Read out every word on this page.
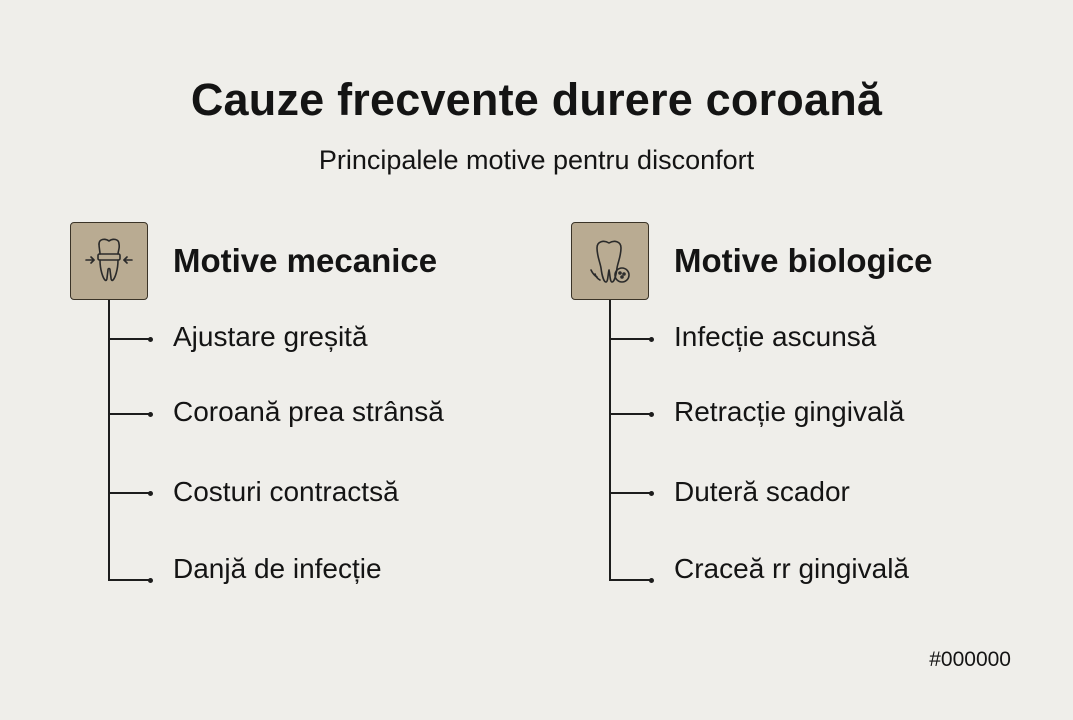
Cauze frecvente durere coroană
Principalele motive pentru disconfort
Motive mecanice
Ajustare greșită
Coroană prea strânsă
Costuri contractsă
Danjă de infecție
Motive biologice
Infecție ascunsă
Retracție gingivală
Duteră scador
Craceă rr gingivală
#000000
